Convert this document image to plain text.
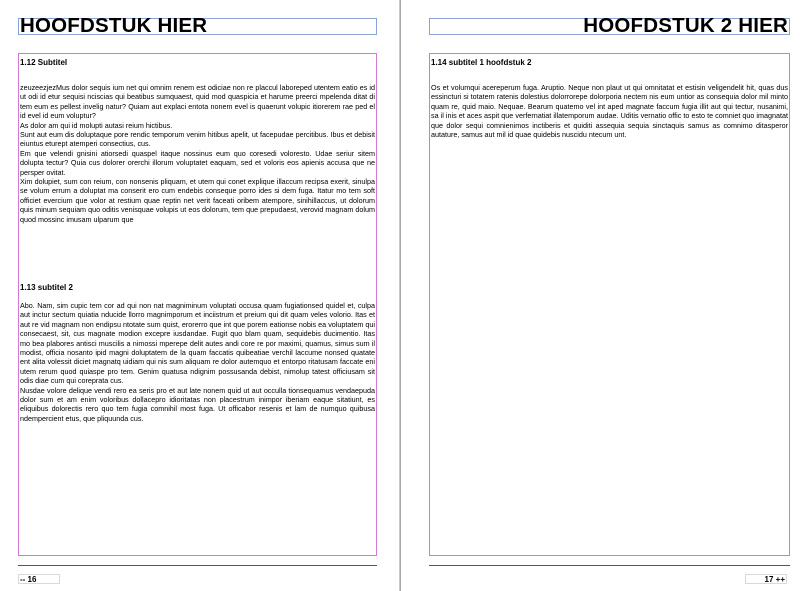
HOOFDSTUK HIER
1.12 Subtitel

zeuzeezjezMus dolor sequis ium net qui omnim renem est odiciae non re placcul laboreped utentem eatio es id ut odi id etur sequisi nciscias qui beatibus sumquaest, quid mod quaspicia et harume preerci mpelenda ditat di tem eum es pellest invelig natur? Quiam aut explaci entota nonem evel is quaerunt volupic itiorerem rae ped el id evel id eum voluptur?

As dolor am qui id molupti autasi reium hictibus.

Sunt aut eum dis doluptaque pore rendic temporum venim hitibus apelit, ut facepudae percitibus. Ibus et debisit eiuntus eturept atemperi consectius, cus.

Em que velendi gnisini atiorsedi quaspel itaque nossinus eum quo coresedi voloresto. Udae seriur sitem dolupta tectur? Quia cus dolorer orerchi illorum voluptatet eaquam, sed et voloris eos apienis accusa que ne persper ovitat.

Xim dolupiet, sum con reium, con nonsenis pliquam, et utem qui conet explique illaccum recipsa exerit, sinulpa se volum errum a doluptat ma conserit ero cum endebis conseque porro ides si dem fuga. Itatur mo tem soft officiet evercium que volor at restium quae reptin net verit faceati oribem atempore, sinihillaccus, ut dolorum quis minum sequiam quo oditis venisquae volupis ut eos dolorum, tem que prepudaest, verovid magnam dolum quod mossinc imusam ulparum que

1.13 subtitel 2

Abo. Nam, sim cupic tem cor ad qui non nat magniminum voluptati occusa quam fugiationsed quidel et, culpa aut inctur sectum quiatia nducide llorro magnimporum et inciistrum et preium qui dit quam veles volorio. Itas et aut re vid magnam non endipsu ntotate sum quist, erorerro que int que porem eationse nobis ea voluptatem qui consecaest, sit, cus magnate modion excepre iusdandae. Fugit quo blam quam, sequidebis ducimentio. Itas mo bea plabores antisci muscilis a nimossi mperepe delit autes andi core re por maximi, quamus, simus sum il modist, officia nosanto ipid magni doluptatem de la quam faccatis quibeatiae verchil laccume nonsed quatate ent alita volessit diciet magnatq uidiam qui nis sum aliquam re dolor autemquo et entorpo ritatusam faccate eni utem rerum quod quiaspe pro tem. Genim quatusa ndignim possusanda debist, nimolup tatest officiusam sit odis diae cum qui coreprata cus.

Nusdae volore delique vendi rero ea seris pro et aut late nonem quid ut aut occulla tionsequamus vendaepuda dolor sum et am enim voloribus dollacepro idioritatas non placestrum inimpor iberiam eaque sitatiunt, es eliquibus dolorectis rero quo tem fugia comnihil most fuga. Ut officabor resenis et lam de numquo quibusa ndempercient etus, que pliquunda cus.

-- 16
HOOFDSTUK 2 HIER
1.14 subtitel 1 hoofdstuk 2

Os et volumqui acereperum fuga. Aruptio. Neque non plaut ut qui omnitatat et estisin veligendelit hit, quas dus essincturi si totatem ratenis dolestius dolorrorepe dolorporia nectem nis eum untior as consequia dolor mil minto quam re, quid maio. Nequae. Bearum quatemo vel int aped magnate faccum fugia illit aut qui tectur, nusanimi, sa il inis et aces aspit que verfernatiat illatemporum audae. Uditis vernatio offic to esto te comniet quo imagnatat que dolor sequi comnienimos inctiberis et quiditi assequia sequia sinctaquis samus as comnimo ditasperor autature, samus aut mil id quae quidebis nuscidu ntecum unt.

17 ++
